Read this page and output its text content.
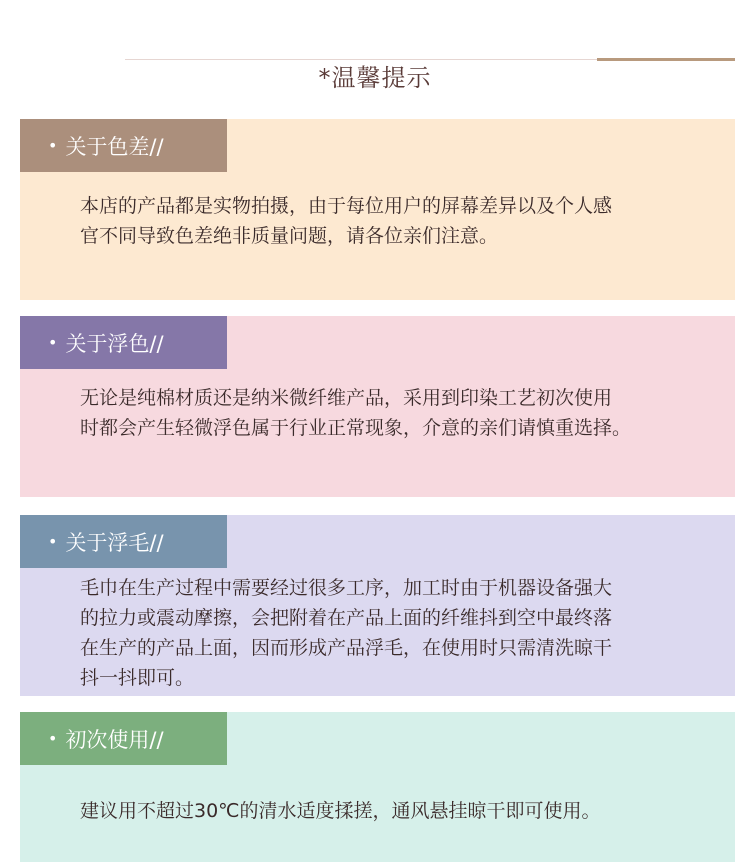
*温馨提示
• 关于色差//
本店的产品都是实物拍摄，由于每位用户的屏幕差异以及个人感
官不同导致色差绝非质量问题，请各位亲们注意。
• 关于浮色//
无论是纯棉材质还是纳米微纤维产品，采用到印染工艺初次使用
时都会产生轻微浮色属于行业正常现象，介意的亲们请慎重选择。
• 关于浮毛//
毛巾在生产过程中需要经过很多工序，加工时由于机器设备强大
的拉力或震动摩擦，会把附着在产品上面的纤维抖到空中最终落
在生产的产品上面，因而形成产品浮毛，在使用时只需清洗晾干
抖一抖即可。
• 初次使用//
建议用不超过30℃的清水适度揉搓，通风悬挂晾干即可使用。
